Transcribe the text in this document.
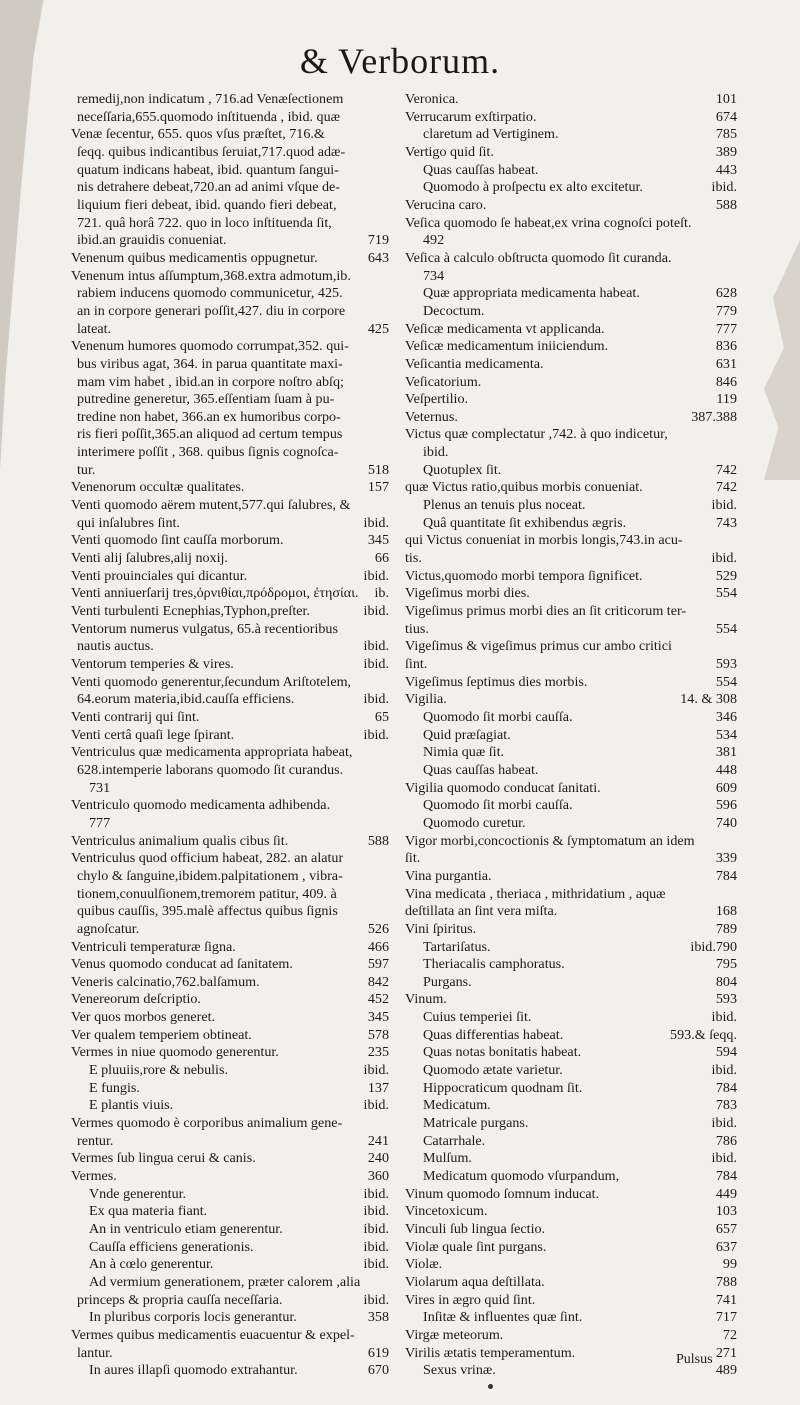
& Verborum.
remedij,non indicatum , 716.ad Venæſectionem
neceſſaria,655.quomodo inſtituenda , ibid. quæ
Venæ ſecentur, 655. quos vſus præſtet, 716.&
ſeqq. quibus indicantibus ſeruiat,717.quod adæ-
quatum indicans habeat, ibid. quantum ſangui-
nis detrahere debeat,720.an ad animi vſque de-
liquium fieri debeat, ibid. quando fieri debeat,
721. quâ horâ 722. quo in loco inſtituenda ſit,
ibid.an grauidis conueniat.	719
Venenum quibus medicamentis oppugnetur.	643
Venenum intus aſſumptum,368.extra admotum,ib.
rabiem inducens quomodo communicetur, 425.
an in corpore generari poſſit,427. diu in corpore
lateat.	425
Venenum humores quomodo corrumpat,352. qui-
bus viribus agat, 364. in parua quantitate maxi-
mam vim habet , ibid.an in corpore noſtro abſq;
putredine generetur, 365.eſſentiam ſuam à pu-
tredine non habet, 366.an ex humoribus corpo-
ris fieri poſſit,365.an aliquod ad certum tempus
interimere poſſit , 368. quibus ſignis cognoſca-
tur.	518
Venenorum occultæ qualitates.	157
Venti quomodo aërem mutent,577.qui ſalubres, &
qui inſalubres ſint.	ibid.
Venti quomodo ſint cauſſa morborum.	345
Venti alij ſalubres,alij noxij.	66
Venti prouinciales qui dicantur.	ibid.
Venti anniuerſarij tres,ὀρνιθίαι,πρόδρομοι, ἐτησίαι.	ib.
Venti turbulenti Ecnephias,Typhon,preſter.	ibid.
Ventorum numerus vulgatus, 65.à recentioribus
nautis auctus.	ibid.
Ventorum temperies & vires.	ibid.
Venti quomodo generentur,ſecundum Ariſtotelem,
64.eorum materia,ibid.cauſſa efficiens.	ibid.
Venti contrarij qui ſint.	65
Venti certâ quaſi lege ſpirant.	ibid.
Ventriculus quæ medicamenta appropriata habeat,
628.intemperie laborans quomodo ſit curandus.
731
Ventriculo quomodo medicamenta adhibenda.
777
Ventriculus animalium qualis cibus ſit.	588
Ventriculus quod officium habeat, 282. an alatur
chylo & ſanguine,ibidem.palpitationem , vibra-
tionem,conuulſionem,tremorem patitur, 409. à
quibus cauſſis, 395.malè affectus quibus ſignis
agnoſcatur.	526
Ventriculi temperaturæ ſigna.	466
Venus quomodo conducat ad ſanitatem.	597
Veneris calcinatio,762.balſamum.	842
Venereorum deſcriptio.	452
Ver quos morbos generet.	345
Ver qualem temperiem obtineat.	578
Vermes in niue quomodo generentur.	235
E pluuiis,rore & nebulis.	ibid.
E fungis.	137
E plantis viuis.	ibid.
Vermes quomodo è corporibus animalium gene-
rentur.	241
Vermes ſub lingua cerui & canis.	240
Vermes.	360
Vnde generentur.	ibid.
Ex qua materia fiant.	ibid.
An in ventriculo etiam generentur.	ibid.
Cauſſa efficiens generationis.	ibid.
An à cœlo generentur.	ibid.
Ad vermium generationem, præter calorem ,alia
princeps & propria cauſſa neceſſaria.	ibid.
In pluribus corporis locis generantur.	358
Vermes quibus medicamentis euacuentur & expel-
lantur.	619
In aures illapſi quomodo extrahantur.	670
Veronica.	101
Verrucarum exſtirpatio.	674
claretum ad Vertiginem.	785
Vertigo quid ſit.	389
Quas cauſſas habeat.	443
Quomodo à proſpectu ex alto excitetur.	ibid.
Verucina caro.	588
Veſica quomodo ſe habeat,ex vrina cognoſci poteſt.
492
Veſica à calculo obſtructa quomodo ſit curanda.
734
Quæ appropriata medicamenta habeat.	628
Decoctum.	779
Veſicæ medicamenta vt applicanda.	777
Veſicæ medicamentum iniiciendum.	836
Veſicantia medicamenta.	631
Veſicatorium.	846
Veſpertilio.	119
Veternus.	387.388
Victus quæ complectatur ,742. à quo indicetur,
ibid.
Quotuplex ſit.	742
quæ Victus ratio,quibus morbis conueniat.	742
Plenus an tenuis plus noceat.	ibid.
Quâ quantitate ſit exhibendus ægris.	743
qui Victus conueniat in morbis longis,743.in acu-
tis.	ibid.
Victus,quomodo morbi tempora ſignificet.	529
Vigeſimus morbi dies.	554
Vigeſimus primus morbi dies an ſit criticorum ter-
tius.	554
Vigeſimus & vigeſimus primus cur ambo critici
ſint.	593
Vigeſimus ſeptimus dies morbis.	554
Vigilia.	14. & 308
Quomodo ſit morbi cauſſa.	346
Quid præſagiat.	534
Nimia quæ ſit.	381
Quas cauſſas habeat.	448
Vigilia quomodo conducat ſanitati.	609
Quomodo ſit morbi cauſſa.	596
Quomodo curetur.	740
Vigor morbi,concoctionis & ſymptomatum an idem
ſit.	339
Vina purgantia.	784
Vina medicata , theriaca , mithridatium , aquæ
deſtillata an ſint vera miſta.	168
Vini ſpiritus.	789
Tartariſatus.	ibid.790
Theriacalis camphoratus.	795
Purgans.	804
Vinum.	593
Cuius temperiei ſit.	ibid.
Quas differentias habeat.	593.& ſeqq.
Quas notas bonitatis habeat.	594
Quomodo ætate varietur.	ibid.
Hippocraticum quodnam ſit.	784
Medicatum.	783
Matricale purgans.	ibid.
Catarrhale.	786
Mulſum.	ibid.
Medicatum quomodo vſurpandum,	784
Vinum quomodo ſomnum inducat.	449
Vincetoxicum.	103
Vinculi ſub lingua ſectio.	657
Violæ quale ſint purgans.	637
Violæ.	99
Violarum aqua deſtillata.	788
Vires in ægro quid ſint.	741
Inſitæ & influentes quæ ſint.	717
Virgæ meteorum.	72
Virilis ætatis temperamentum.	271
Sexus vrinæ.	489
Pulsus
